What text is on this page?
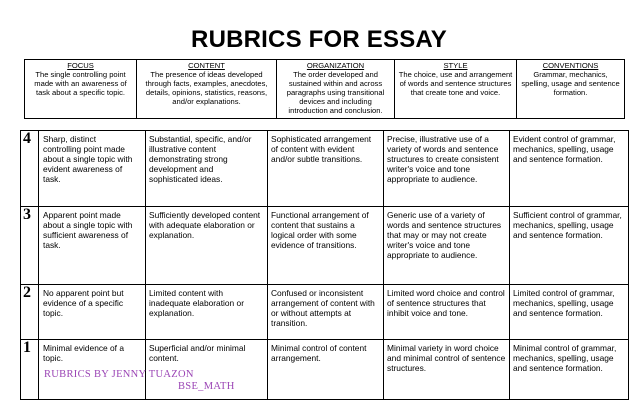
RUBRICS FOR ESSAY
FOCUS
The single controlling point made with an awareness of task about a specific topic.

CONTENT
The presence of ideas developed through facts, examples, anecdotes, details, opinions, statistics, reasons, and/or explanations.

ORGANIZATION
The order developed and sustained within and across paragraphs using transitional devices and including introduction and conclusion.

STYLE
The choice, use and arrangement of words and sentence structures that create tone and voice.

CONVENTIONS
Grammar, mechanics, spelling, usage and sentence formation.
4	Sharp, distinct controlling point made about a single topic with evident awareness of task.	Substantial, specific, and/or illustrative content demonstrating strong development and sophisticated ideas.	Sophisticated arrangement of content with evident and/or subtle transitions.	Precise, illustrative use of a variety of words and sentence structures to create consistent writer's voice and tone appropriate to audience.	Evident control of grammar, mechanics, spelling, usage and sentence formation.
3	Apparent point made about a single topic with sufficient awareness of task.	Sufficiently developed content with adequate elaboration or explanation.	Functional arrangement of content that sustains a logical order with some evidence of transitions.	Generic use of a variety of words and sentence structures that may or may not create writer's voice and tone appropriate to audience.	Sufficient control of grammar, mechanics, spelling, usage and sentence formation.
2	No apparent point but evidence of a specific topic.	Limited content with inadequate elaboration or explanation.	Confused or inconsistent arrangement of content with or without attempts at transition.	Limited word choice and control of sentence structures that inhibit voice and tone.	Limited control of grammar, mechanics, spelling, usage and sentence formation.
1	Minimal evidence of a topic.	Superficial and/or minimal content.	Minimal control of content arrangement.	Minimal variety in word choice and minimal control of sentence structures.	Minimal control of grammar, mechanics, spelling, usage and sentence formation.
RUBRICS BY JENNY TUAZON
BSE_MATH
